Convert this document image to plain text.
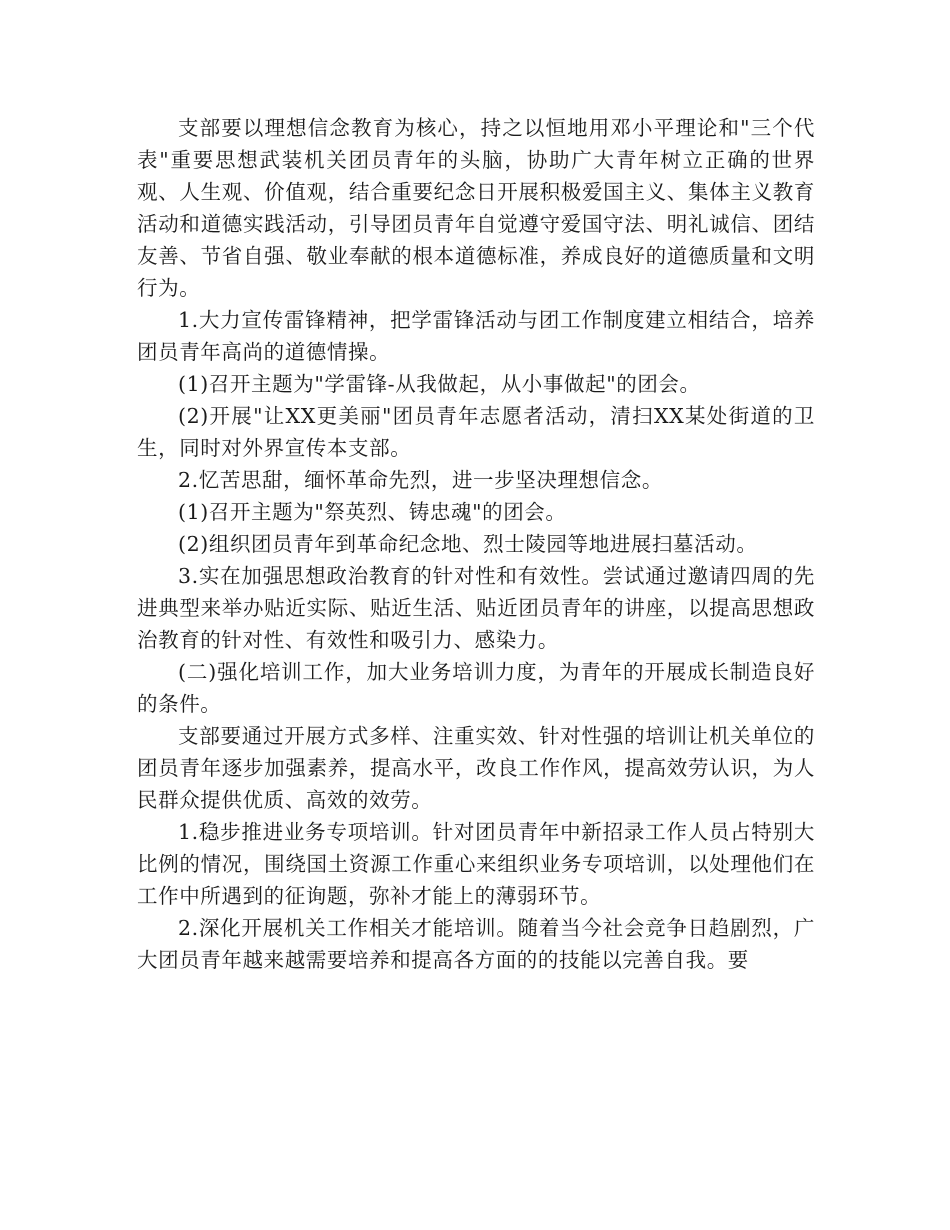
支部要以理想信念教育为核心，持之以恒地用邓小平理论和"三个代表"重要思想武装机关团员青年的头脑，协助广大青年树立正确的世界观、人生观、价值观，结合重要纪念日开展积极爱国主义、集体主义教育活动和道德实践活动，引导团员青年自觉遵守爱国守法、明礼诚信、团结友善、节省自强、敬业奉献的根本道德标准，养成良好的道德质量和文明行为。

1.大力宣传雷锋精神，把学雷锋活动与团工作制度建立相结合，培养团员青年高尚的道德情操。

(1)召开主题为"学雷锋-从我做起，从小事做起"的团会。

(2)开展"让XX更美丽"团员青年志愿者活动，清扫XX某处街道的卫生，同时对外界宣传本支部。

2.忆苦思甜，缅怀革命先烈，进一步坚决理想信念。

(1)召开主题为"祭英烈、铸忠魂"的团会。

(2)组织团员青年到革命纪念地、烈士陵园等地进展扫墓活动。

3.实在加强思想政治教育的针对性和有效性。尝试通过邀请四周的先进典型来举办贴近实际、贴近生活、贴近团员青年的讲座，以提高思想政治教育的针对性、有效性和吸引力、感染力。

(二)强化培训工作，加大业务培训力度，为青年的开展成长制造良好的条件。

支部要通过开展方式多样、注重实效、针对性强的培训让机关单位的团员青年逐步加强素养，提高水平，改良工作作风，提高效劳认识，为人民群众提供优质、高效的效劳。

1.稳步推进业务专项培训。针对团员青年中新招录工作人员占特别大比例的情况，围绕国土资源工作重心来组织业务专项培训，以处理他们在工作中所遇到的征询题，弥补才能上的薄弱环节。

2.深化开展机关工作相关才能培训。随着当今社会竞争日趋剧烈，广大团员青年越来越需要培养和提高各方面的的技能以完善自我。要
